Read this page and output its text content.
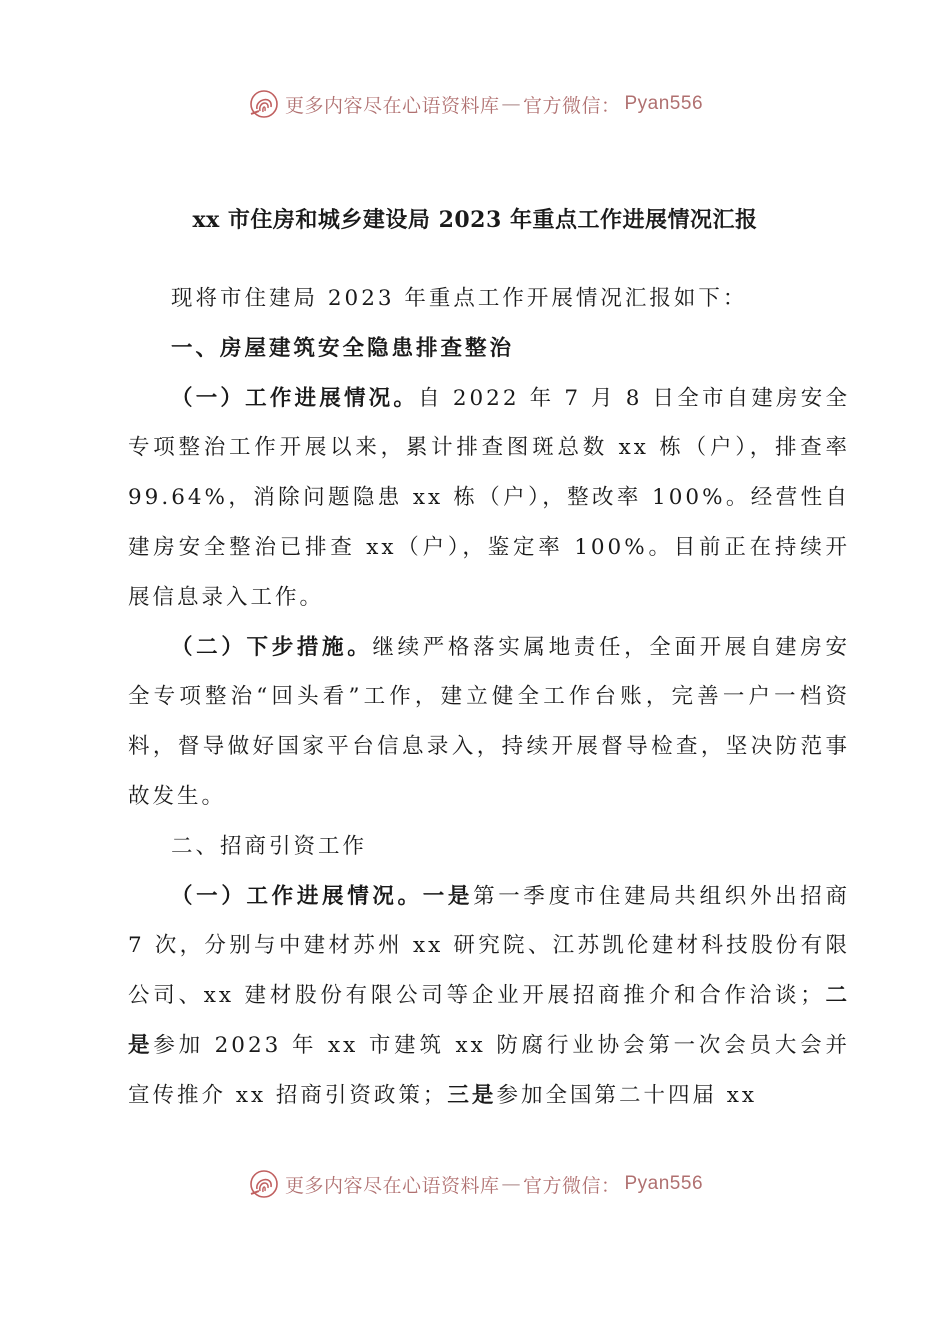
更多内容尽在心语资料库 — 官方微信： Pyan556
xx 市住房和城乡建设局 2023 年重点工作进展情况汇报

现将市住建局 2023 年重点工作开展情况汇报如下：

一、房屋建筑安全隐患排查整治

（一）工作进展情况。自 2022 年 7 月 8 日全市自建房安全专项整治工作开展以来，累计排查图斑总数 xx 栋（户），排查率 99.64%，消除问题隐患 xx 栋（户），整改率 100%。经营性自建房安全整治已排查 xx（户），鉴定率 100%。目前正在持续开展信息录入工作。

（二）下步措施。继续严格落实属地责任，全面开展自建房安全专项整治“回头看”工作，建立健全工作台账，完善一户一档资料，督导做好国家平台信息录入，持续开展督导检查，坚决防范事故发生。

二、招商引资工作

（一）工作进展情况。一是第一季度市住建局共组织外出招商 7 次，分别与中建材苏州 xx 研究院、江苏凯伦建材科技股份有限公司、xx 建材股份有限公司等企业开展招商推介和合作洽谈；二是参加 2023 年 xx 市建筑 xx 防腐行业协会第一次会员大会并宣传推介 xx 招商引资政策；三是参加全国第二十四届 xx

更多内容尽在心语资料库 — 官方微信： Pyan556
